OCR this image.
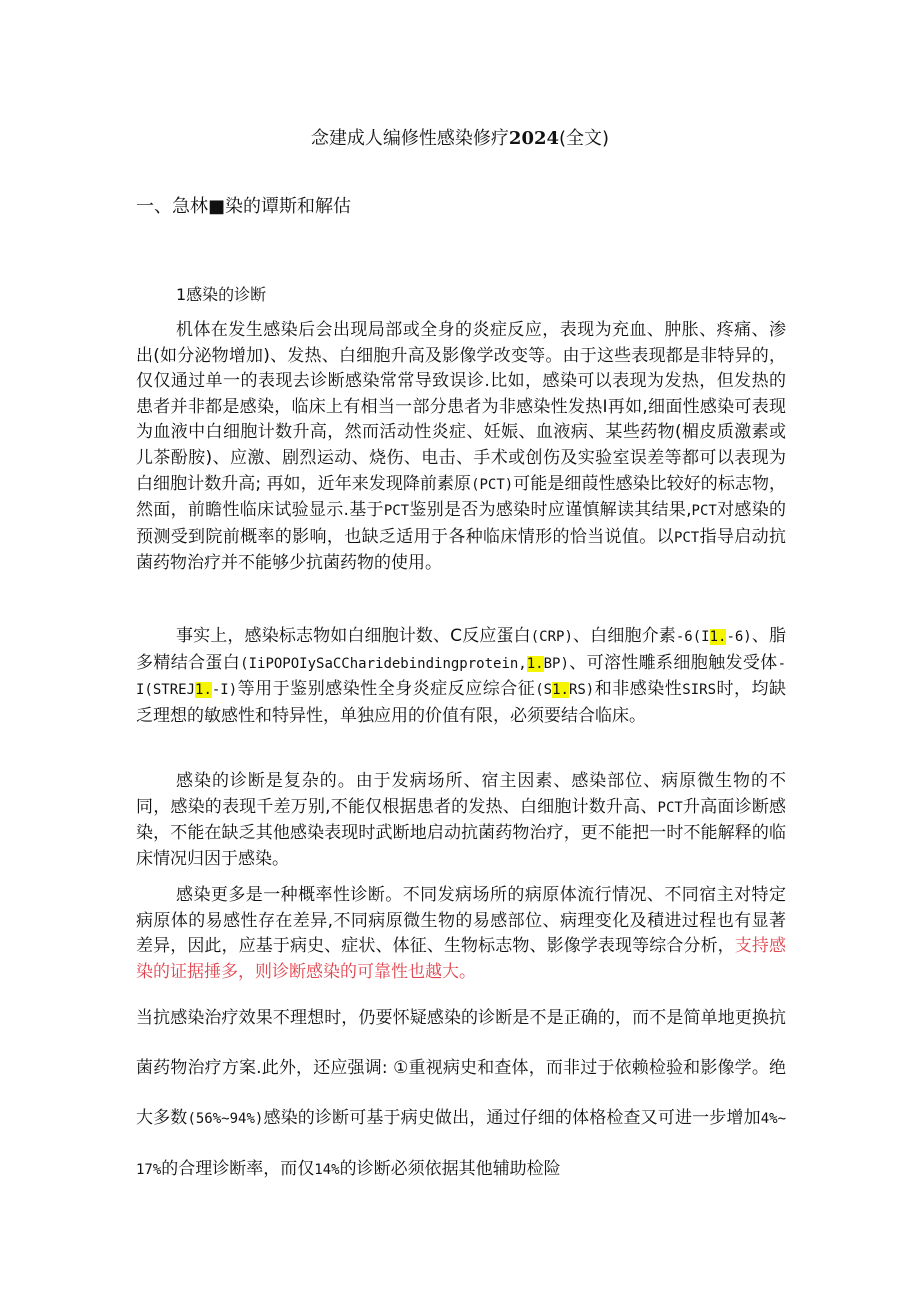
念建成人编修性感染修疗2024(全文)
一、急林■染的谭斯和解估
1感染的诊断

机体在发生感染后会出现局部或全身的炎症反应，表现为充血、肿胀、疼痛、渗出(如分泌物增加)、发热、白细胞升高及影像学改变等。由于这些表现都是非特异的，仅仅通过单一的表现去诊断感染常常导致误诊.比如，感染可以表现为发热，但发热的患者并非都是感染，临床上有相当一部分患者为非感染性发热I再如,细面性感染可表现为血液中白细胞计数升高，然而活动性炎症、妊娠、血液病、某些药物(楣皮质激素或儿茶酚胺)、应激、剧烈运动、烧伤、电击、手术或创伤及实验室误差等都可以表现为白细胞计数升高; 再如，近年来发现降前素原(PCT)可能是细葭性感染比较好的标志物，然面，前瞻性临床试验显示.基于PCT鉴别是否为感染时应谨慎解读其结果,PCT对感染的预测受到院前概率的影响，也缺乏适用于各种临床情形的恰当说值。以PCT指导启动抗菌药物治疗并不能够少抗菌药物的使用。

事实上，感染标志物如白细胞计数、C反应蛋白(CRP)、白细胞介素-6(I1.-6)、脂多精结合蛋白(IiPOPOIySaCCharidebindingprotein,1.BP)、可溶性雕系细胞触发受体-I(STREJ1.-I)等用于鉴别感染性全身炎症反应综合征(S1.RS)和非感染性SIRS时，均缺乏理想的敏感性和特异性，单独应用的价值有限，必须要结合临床。

感染的诊断是复杂的。由于发病场所、宿主因素、感染部位、病原微生物的不同，感染的表现千差万别,不能仅根据患者的发热、白细胞计数升高、PCT升高面诊断感染，不能在缺乏其他感染表现时武断地启动抗菌药物治疗，更不能把一时不能解释的临床情况归因于感染。

感染更多是一种概率性诊断。不同发病场所的病原体流行情况、不同宿主对特定病原体的易感性存在差异,不同病原微生物的易感部位、病理变化及積进过程也有显著差异，因此，应基于病史、症状、体征、生物标志物、影像学表现等综合分析，支持感染的证据捶多，则诊断感染的可靠性也越大。

当抗感染治疗效果不理想时，仍要怀疑感染的诊断是不是正确的，而不是简单地更换抗菌药物治疗方案.此外，还应强调: ①重视病史和查体，而非过于依赖检验和影像学。绝大多数(56%~94%)感染的诊断可基于病史做出，通过仔细的体格检查又可进一步增加4%~17%的合理诊断率，而仅14%的诊断必须依据其他辅助检险
